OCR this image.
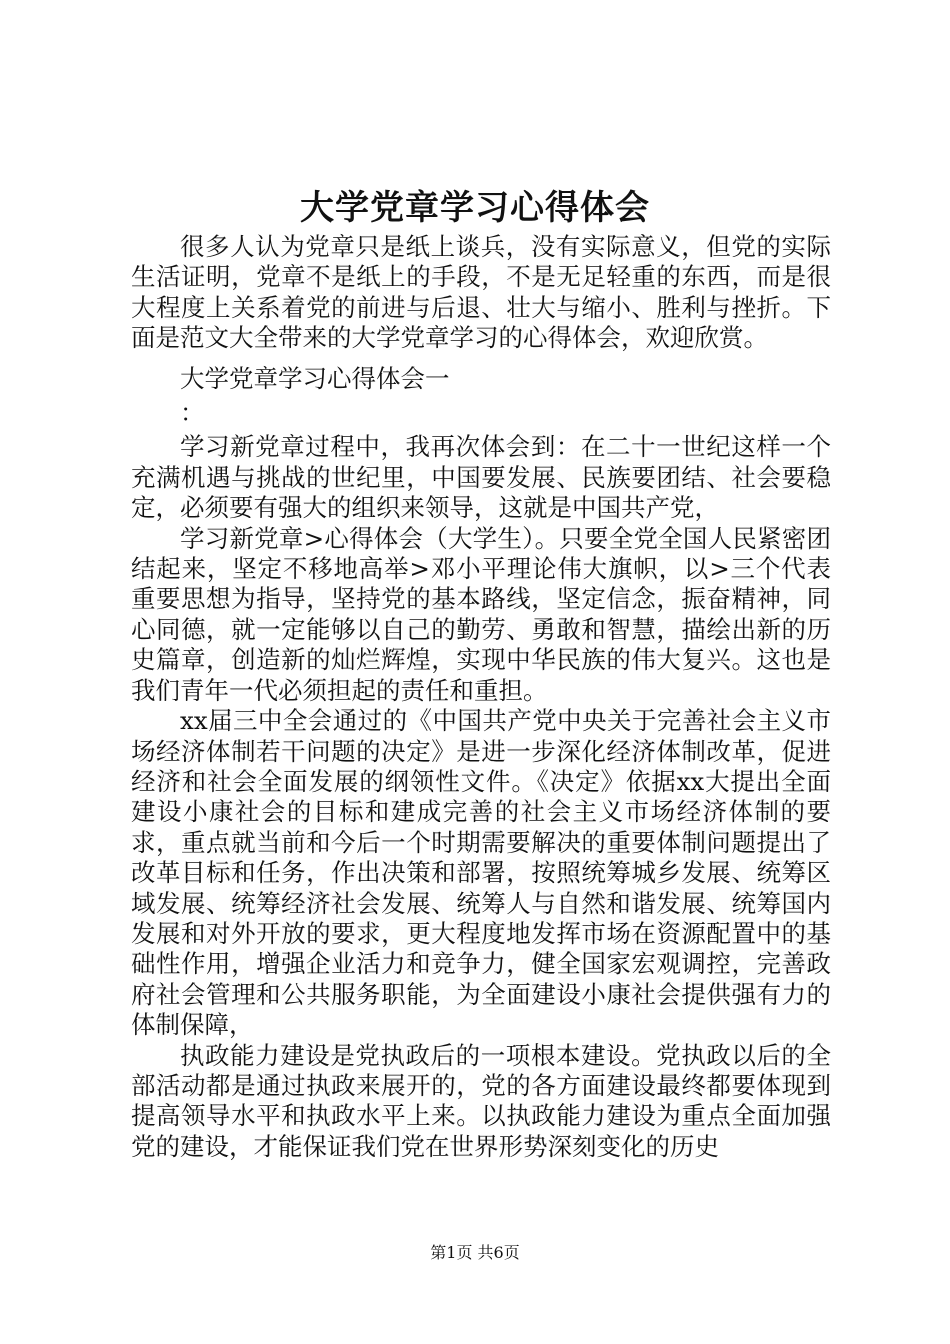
大学党章学习心得体会

很多人认为党章只是纸上谈兵，没有实际意义，但党的实际生活证明，党章不是纸上的手段，不是无足轻重的东西，而是很大程度上关系着党的前进与后退、壮大与缩小、胜利与挫折。下面是范文大全带来的大学党章学习的心得体会，欢迎欣赏。

大学党章学习心得体会一

：

学习新党章过程中，我再次体会到：在二十一世纪这样一个充满机遇与挑战的世纪里，中国要发展、民族要团结、社会要稳定，必须要有强大的组织来领导，这就是中国共产党，

学习新党章>心得体会（大学生）。只要全党全国人民紧密团结起来，坚定不移地高举>邓小平理论伟大旗帜，以>三个代表重要思想为指导，坚持党的基本路线，坚定信念，振奋精神，同心同德，就一定能够以自己的勤劳、勇敢和智慧，描绘出新的历史篇章，创造新的灿烂辉煌，实现中华民族的伟大复兴。这也是我们青年一代必须担起的责任和重担。

xx届三中全会通过的《中国共产党中央关于完善社会主义市场经济体制若干问题的决定》是进一步深化经济体制改革，促进经济和社会全面发展的纲领性文件。《决定》依据xx大提出全面建设小康社会的目标和建成完善的社会主义市场经济体制的要求，重点就当前和今后一个时期需要解决的重要体制问题提出了改革目标和任务，作出决策和部署，按照统筹城乡发展、统筹区域发展、统筹经济社会发展、统筹人与自然和谐发展、统筹国内发展和对外开放的要求，更大程度地发挥市场在资源配置中的基础性作用，增强企业活力和竞争力，健全国家宏观调控，完善政府社会管理和公共服务职能，为全面建设小康社会提供强有力的体制保障，

执政能力建设是党执政后的一项根本建设。党执政以后的全部活动都是通过执政来展开的，党的各方面建设最终都要体现到提高领导水平和执政水平上来。以执政能力建设为重点全面加强党的建设，才能保证我们党在世界形势深刻变化的历史

第1页 共6页
